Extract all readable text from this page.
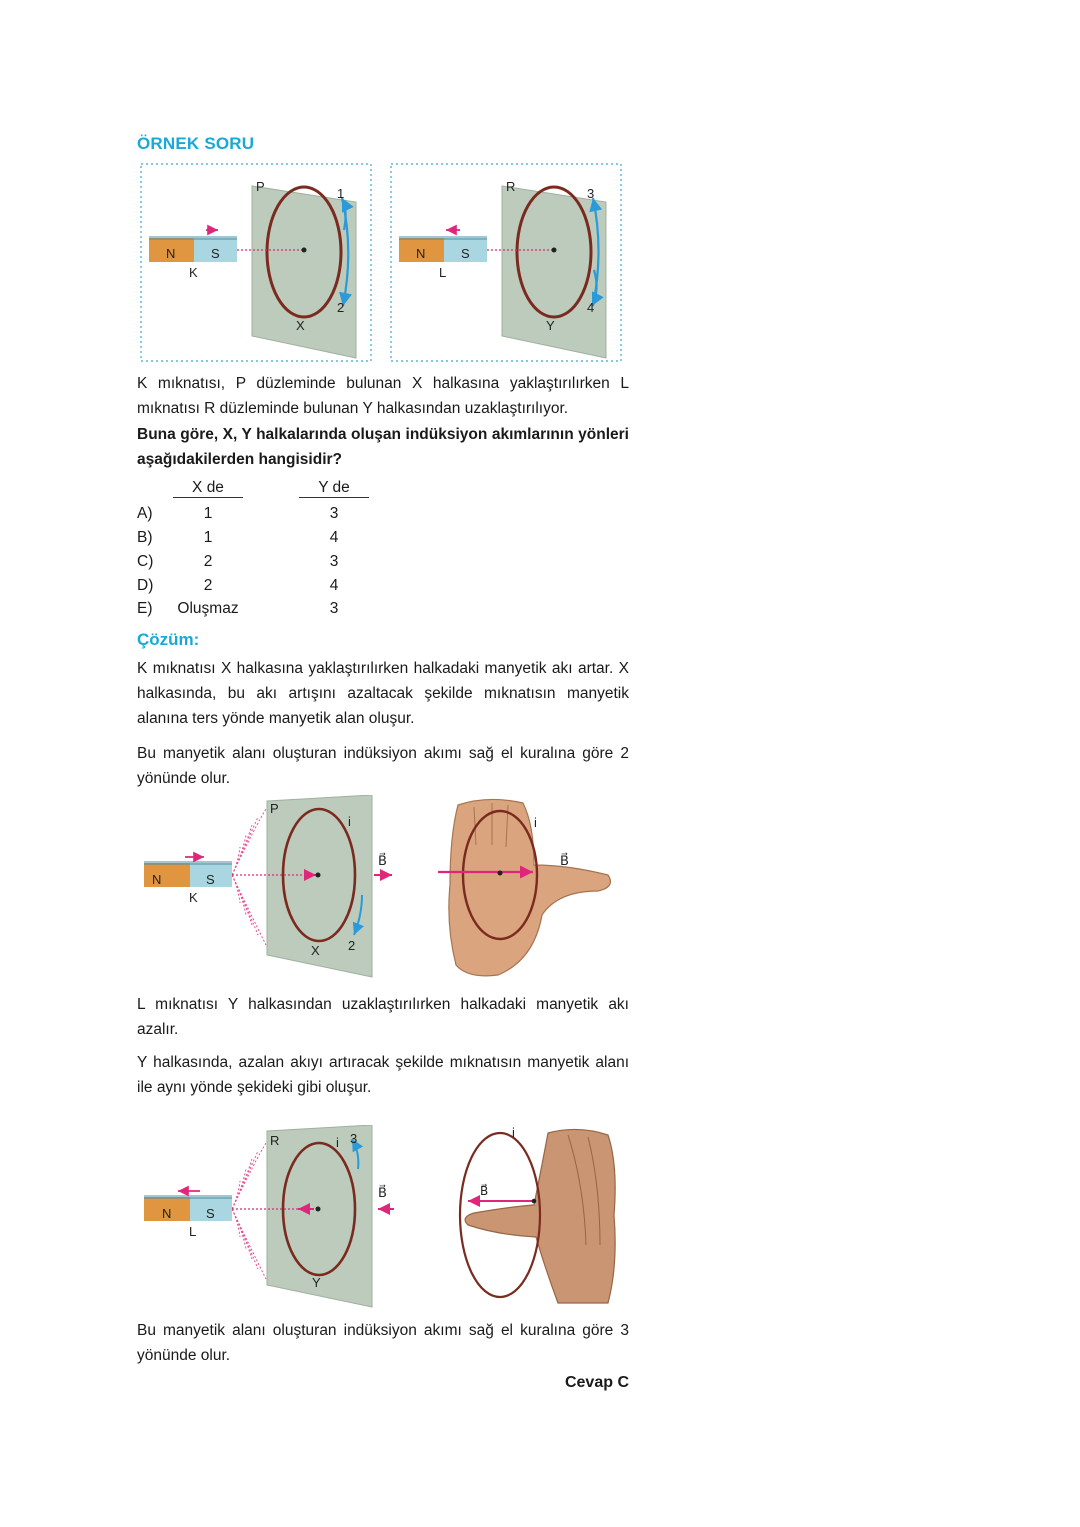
ÖRNEK SORU
N	S
K
P
X
1
2
N	S
L
R
Y
3
4
K mıknatısı, P düzleminde bulunan X halkasına yaklaştırılırken L mıknatısı R düzleminde bulunan Y halkasından uzaklaştırılıyor.
Buna göre, X, Y halkalarında oluşan indüksiyon akımlarının yönleri aşağıdakilerden hangisidir?
X de	Y de
A)	1	3
B)	1	4
C)	2	3
D)	2	4
E)	Oluşmaz	3
Çözüm:
K mıknatısı X halkasına yaklaştırılırken halkadaki manyetik akı artar. X halkasında, bu akı artışını azaltacak şekilde mıknatısın manyetik alanına ters yönde manyetik alan oluşur.
Bu manyetik alanı oluşturan indüksiyon akımı sağ el kuralına göre 2 yönünde olur.
N	S
K
P
i
B⃗
X 2
i
B⃗
L mıknatısı Y halkasından uzaklaştırılırken halkadaki manyetik akı azalır.
Y halkasında, azalan akıyı artıracak şekilde mıknatısın manyetik alanı ile aynı yönde şekideki gibi oluşur.
N	S
L
R	i 3
B⃗
Y
i
B⃗
Bu manyetik alanı oluşturan indüksiyon akımı sağ el kuralına göre 3 yönünde olur.
Cevap C
